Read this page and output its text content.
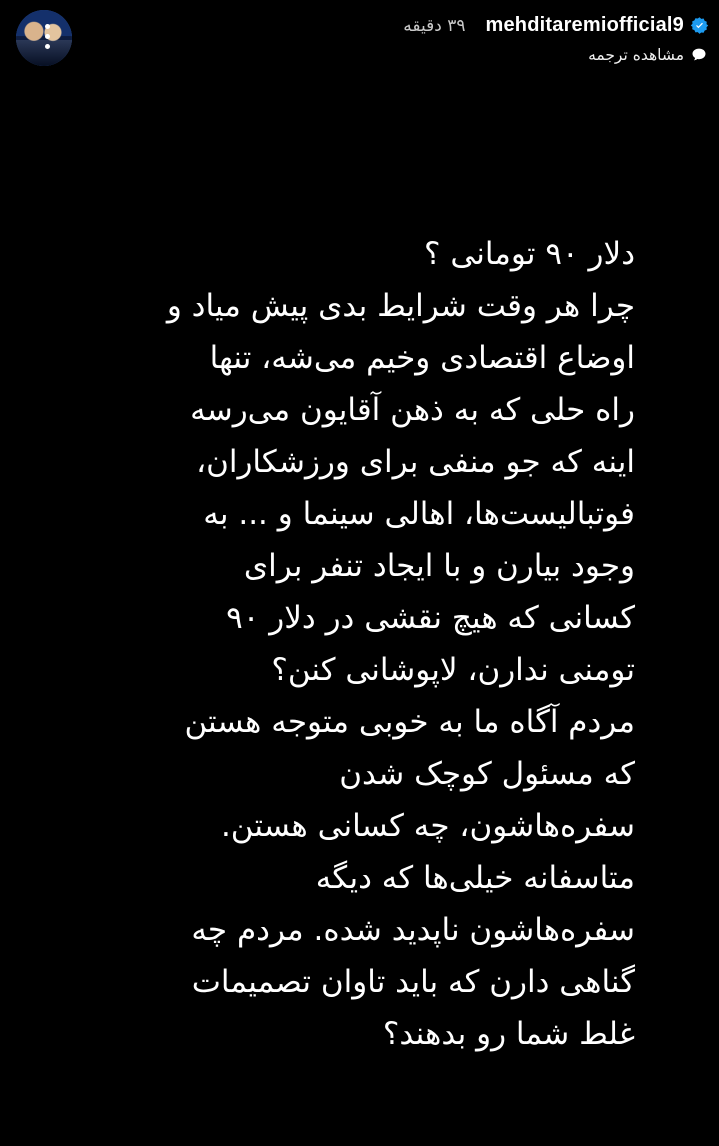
mehditaremiofficial9
۳۹ دقیقه
مشاهده ترجمه
دلار ۹۰ تومانی ؟
چرا هر وقت شرایط بدی پیش میاد و
اوضاع اقتصادی وخیم می‌شه، تنها
راه حلی که به ذهن آقایون می‌رسه
اینه که جو منفی برای ورزشکاران،
فوتبالیست‌ها، اهالی سینما و ... به
وجود بیارن و با ایجاد تنفر برای
کسانی که هیچ نقشی در دلار ۹۰
تومنی ندارن، لاپوشانی کنن؟
مردم آگاه ما به خوبی متوجه هستن
که مسئول کوچک شدن
سفره‌هاشون، چه کسانی هستن.
متاسفانه خیلی‌ها که دیگه
سفره‌هاشون ناپدید شده. مردم چه
گناهی دارن که باید تاوان تصمیمات
غلط شما رو بدهند؟
